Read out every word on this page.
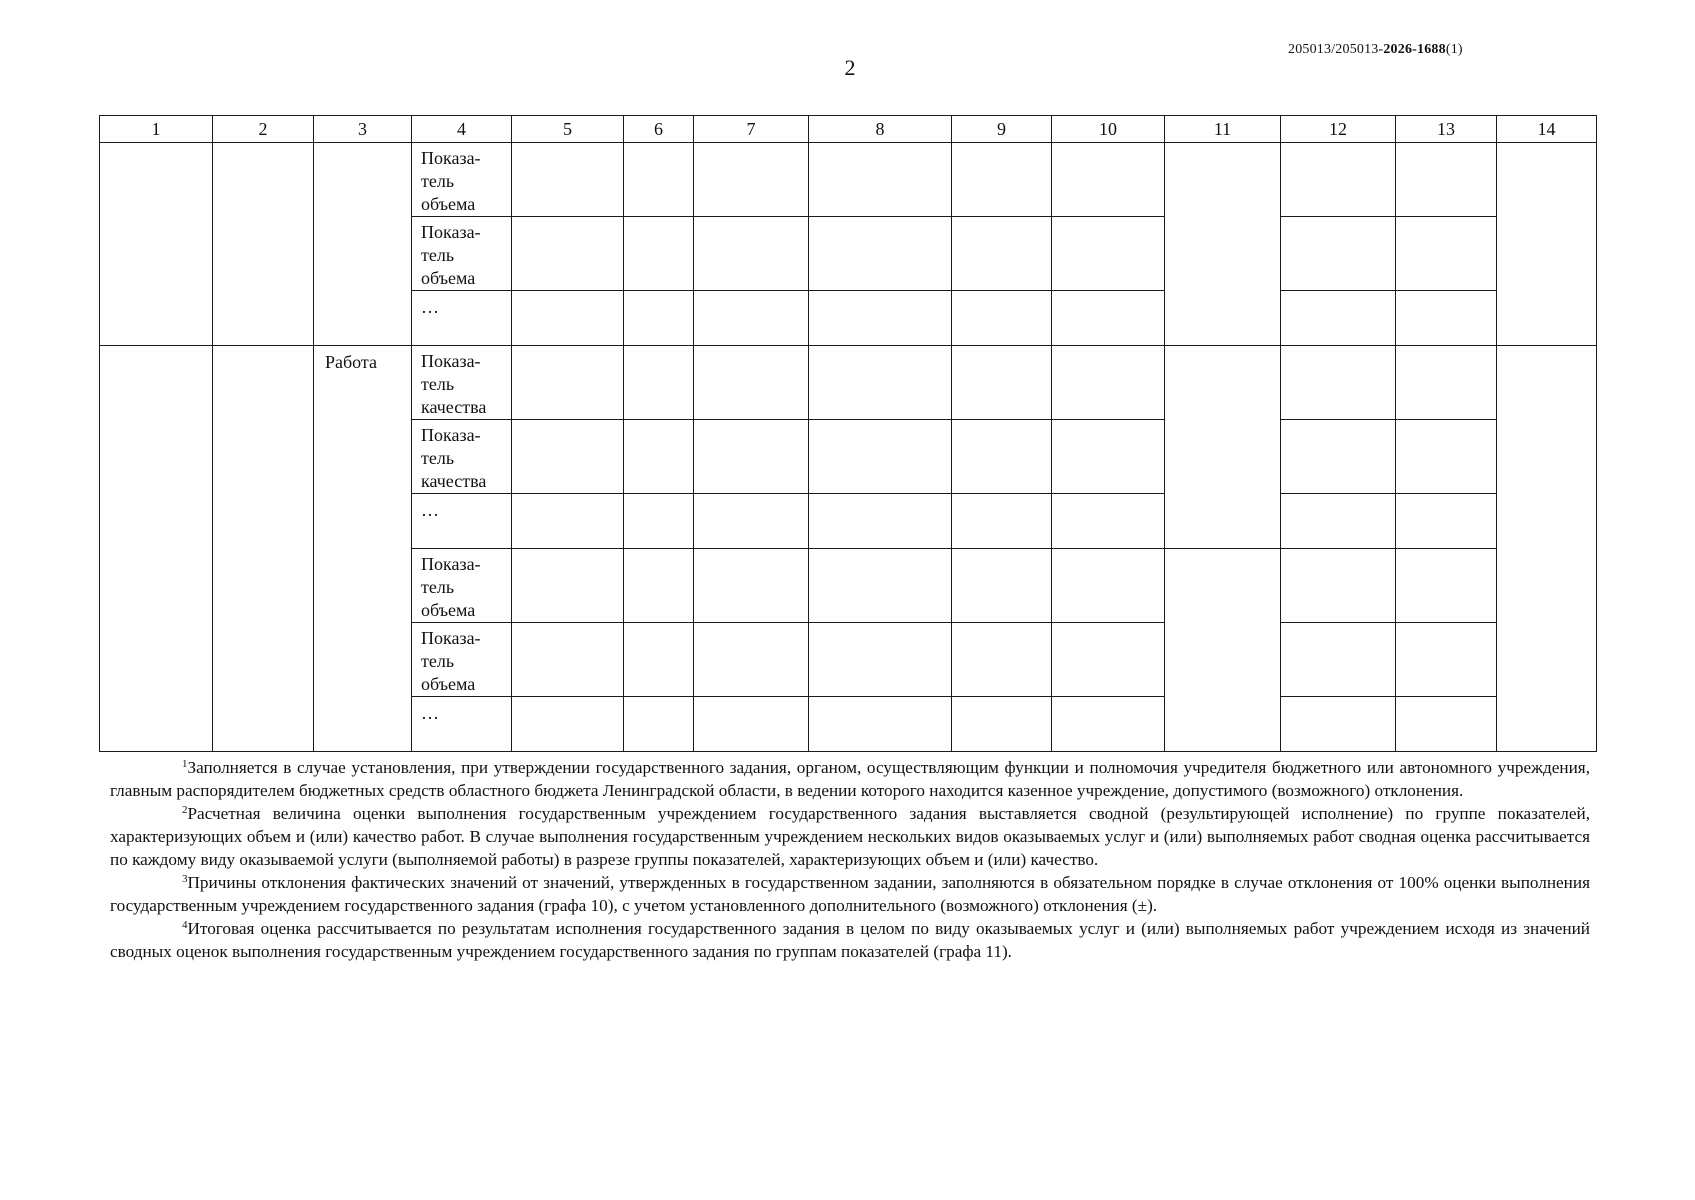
2
205013/205013-2026-1688(1)
1	2	3	4	5	6	7	8	9	10	11	12	13	14

			Показа-
тель
объема										

			Показа-
тель
объема										

			…										

		Работа	Показа-
тель
качества										

			Показа-
тель
качества										

			…										

			Показа-
тель
объема										

			Показа-
тель
объема										

			…										

$^1$Заполняется в случае установления, при утверждении государственного задания, органом, осуществляющим функции и полномочия учредителя бюджетного или автономного учреждения, главным распорядителем бюджетных средств областного бюджета Ленинградской области, в ведении которого находится казенное учреждение, допустимого (возможного) отклонения.

$^2$Расчетная величина оценки выполнения государственным учреждением государственного задания выставляется сводной (результирующей исполнение) по группе показателей, характеризующих объем и (или) качество работ. В случае выполнения государственным учреждением нескольких видов оказываемых услуг и (или) выполняемых работ сводная оценка рассчитывается по каждому виду оказываемой услуги (выполняемой работы) в разрезе группы показателей, характеризующих объем и (или) качество.

$^3$Причины отклонения фактических значений от значений, утвержденных в государственном задании, заполняются в обязательном порядке в случае отклонения от 100% оценки выполнения государственным учреждением государственного задания (графа 10), с учетом установленного дополнительного (возможного) отклонения (±).

$^4$Итоговая оценка рассчитывается по результатам исполнения государственного задания в целом по виду оказываемых услуг и (или) выполняемых работ учреждением исходя из значений сводных оценок выполнения государственным учреждением государственного задания по группам показателей (графа 11).
